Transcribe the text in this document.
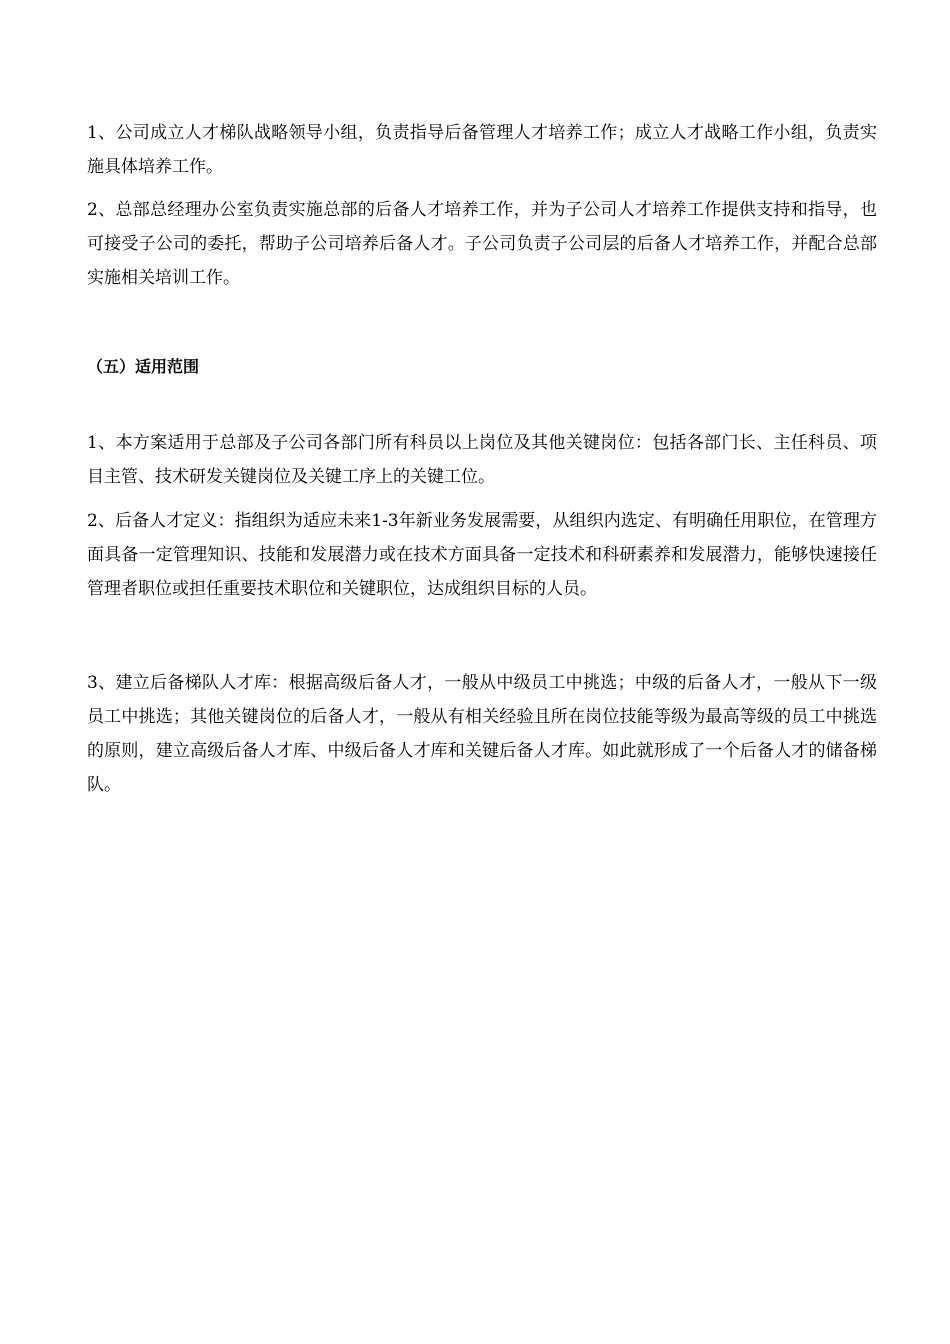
1、公司成立人才梯队战略领导小组，负责指导后备管理人才培养工作；成立人才战略工作小组，负责实施具体培养工作。

2、总部总经理办公室负责实施总部的后备人才培养工作，并为子公司人才培养工作提供支持和指导，也可接受子公司的委托，帮助子公司培养后备人才。子公司负责子公司层的后备人才培养工作，并配合总部实施相关培训工作。

（五）适用范围

1、本方案适用于总部及子公司各部门所有科员以上岗位及其他关键岗位：包括各部门长、主任科员、项目主管、技术研发关键岗位及关键工序上的关键工位。

2、后备人才定义：指组织为适应未来1-3年新业务发展需要，从组织内选定、有明确任用职位，在管理方面具备一定管理知识、技能和发展潜力或在技术方面具备一定技术和科研素养和发展潜力，能够快速接任管理者职位或担任重要技术职位和关键职位，达成组织目标的人员。

3、建立后备梯队人才库：根据高级后备人才，一般从中级员工中挑选；中级的后备人才，一般从下一级员工中挑选；其他关键岗位的后备人才，一般从有相关经验且所在岗位技能等级为最高等级的员工中挑选的原则，建立高级后备人才库、中级后备人才库和关键后备人才库。如此就形成了一个后备人才的储备梯队。
